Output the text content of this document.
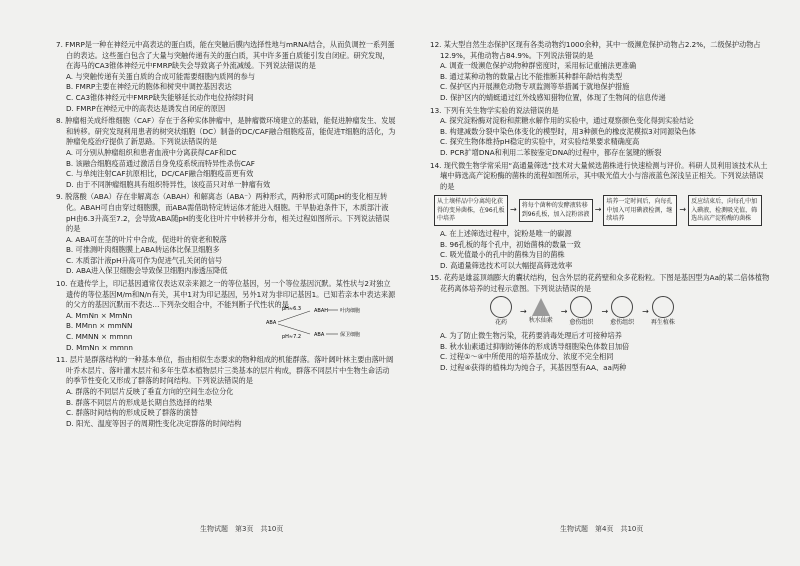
7. FMRP是一种在神经元中高表达的蛋白质，能在突触后膜内选择性地与mRNA结合，从而负调控一系列蛋白的表达。这些蛋白包含了大量与突触传递有关的蛋白质，其中许多蛋白质能引发自闭症。研究发现，在海马的CA3锥体神经元中FMRP缺失会导致离子外流减缓。下列说法错误的是

A. 与突触传递有关蛋白质的合成可能需要细胞内质网的参与

B. FMRP主要在神经元的胞体和树突中调控基因表达

C. CA3锥体神经元中FMRP缺失能够延长动作电位持续时间

D. FMRP在神经元中的高表达是诱发自闭症的原因

8. 肿瘤相关成纤维细胞（CAF）存在于各种实体肿瘤中，是肿瘤微环境建立的基础，能促进肿瘤发生、发展和转移。研究发现利用患者的树突状细胞（DC）制备的DC/CAF融合细胞疫苗，能促进T细胞的活化，为肿瘤免疫治疗提供了新思路。下列说法错误的是

A. 可分别从肿瘤组织和患者血液中分离获得CAF和DC

B. 该融合细胞疫苗通过激活自身免疫系统而特异性杀伤CAF

C. 与单纯注射CAF抗原相比，DC/CAF融合细胞疫苗更有效

D. 由于不同肿瘤细胞具有组织特异性，该疫苗只对单一肿瘤有效

9. 脱落酸（ABA）存在非解离态（ABAH）和解离态（ABA⁻）两种形式，两种形式可随pH的变化相互转化。ABAH可自由穿过细胞膜，而ABA需借助特定转运体才能进入细胞。干旱胁迫条件下，木质部汁液pH由6.3升高至7.2，会导致ABA随pH的变化往叶片中转移并分布，相关过程如图所示。下列说法错误的是

A. ABA可在茎的叶片中合成，促进叶的衰老和脱落

B. 可推测叶肉细胞膜上ABA转运体比保卫细胞多

C. 木质部汁液pH升高可作为促进气孔关闭的信号

D. ABA进入保卫细胞会导致保卫细胞内渗透压降低

10. 在遗传学上，印记基因通常仅表达双亲来源之一的等位基因，另一个等位基因沉默。某性状与2对独立遗传的等位基因M/m和N/n有关，其中1对为印记基因，另外1对为非印记基因1。已知若亲本中表达来源的父方的基因沉默而不表达…下列杂交组合中，不能判断子代性状的是

A. MmNn × MmNn

B. MMnn × mmNN

C. MMNN × mmnn

D. MmNn × mmnn

11. 层片是群落结构的一种基本单位，指由相似生态要求的物种组成的机能群落。落叶阔叶林主要由落叶阔叶乔木层片、落叶灌木层片和多年生草本植物层片三类基本的层片构成，群落不同层片中生物生命活动的季节性变化又形成了群落的时间结构。下列说法错误的是

A. 群落的不同层片反映了垂直方向的空间生态位分化

B. 群落不同层片的形成是长期自然选择的结果

C. 群落时间结构的形成反映了群落的演替

D. 阳光、温度等因子的周期性变化决定群落的时间结构

pH≈6.3	ABAH 叶肉细胞
ABA
pH≈7.2	ABA	保卫细胞

12. 某大型自然生态保护区现有各类动物约1000余种，其中一级濒危保护动物占2.2%，二级保护动物占12.9%，其他动物占84.9%。下列说法错误的是

A. 调查一级濒危保护动物种群密度时，采用标记重捕法更准确

B. 通过某种动物的数量占比不能推断其种群年龄结构类型

C. 保护区内开展濒危动物专项监测等举措属于就地保护措施

D. 保护区内的蜻蜓通过红外线感知猎物位置，体现了生物间的信息传递

13. 下列有关生物学实验的说法错误的是

A. 探究淀粉酶对淀粉和蔗糖水解作用的实验中，通过观察颜色变化得到实验结论

B. 构建减数分裂中染色体变化的模型时，用3种颜色的橡皮泥模拟3对同源染色体

C. 探究生物体维持pH稳定的实验中，对实验结果要求精确度高

D. PCR扩增DNA和利用二苯胺鉴定DNA的过程中，都存在氢键的断裂

14. 现代微生物学常采用“高通量筛选”技术对大量候选菌株进行快速检测与评价。科研人员利用该技术从土壤中筛选高产淀粉酶的菌株的流程如图所示，其中吸光值大小与溶液蓝色深浅呈正相关。下列说法错误的是

从土壤样品中分离纯化获得的变异菌株，在96孔板中培养
→ 将每个菌种的发酵液转移到96孔板，加入淀粉溶液 →
培养一定时间后，向每孔中加入可用碘液检测，继续培养
→
反应结束后，向每孔中加入碘液，检测吸光值，筛选出高产淀粉酶的菌株

A. 在上述筛选过程中，淀粉是唯一的碳源

B. 96孔板的每个孔中，初始菌株的数量一致

C. 吸光值最小的孔中的菌株为目的菌株

D. 高通量筛选技术可以大幅提高筛选效率

15. 花药是雄蕊顶端膨大的囊状结构，包含外层的花药壁和众多花粉粒。下图是基因型为Aa的某二倍体植物花药离体培养的过程示意图。下列说法错误的是

花药
→
秋水仙素
→
愈伤组织
→
愈伤组织
→
再生植株

A. 为了防止微生物污染，花药要消毒处理后才可接种培养

B. 秋水仙素通过抑制纺锤体的形成诱导细胞染色体数目加倍

C. 过程①～④中所使用的培养基成分、浓度不完全相同

D. 过程④获得的植株均为纯合子，其基因型有AA、aa两种

生物试题　第3页　共10页	生物试题　第4页　共10页
